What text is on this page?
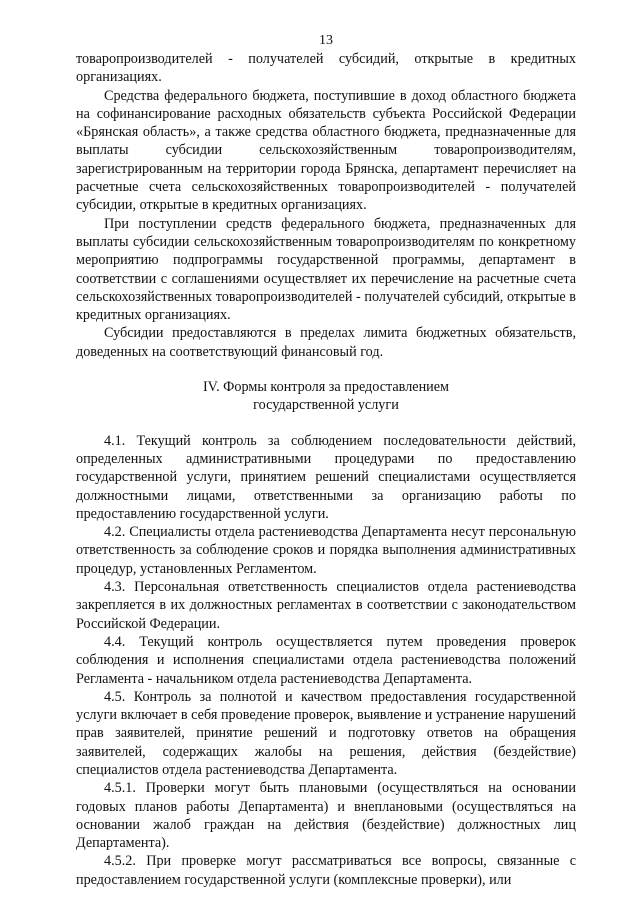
13

товаропроизводителей - получателей субсидий, открытые в кредитных организациях.

Средства федерального бюджета, поступившие в доход областного бюджета на софинансирование расходных обязательств субъекта Российской Федерации «Брянская область», а также средства областного бюджета, предназначенные для выплаты субсидии сельскохозяйственным товаропроизводителям, зарегистрированным на территории города Брянска, департамент перечисляет на расчетные счета сельскохозяйственных товаропроизводителей - получателей субсидии, открытые в кредитных организациях.

При поступлении средств федерального бюджета, предназначенных для выплаты субсидии сельскохозяйственным товаропроизводителям по конкретному мероприятию подпрограммы государственной программы, департамент в соответствии с соглашениями осуществляет их перечисление на расчетные счета сельскохозяйственных товаропроизводителей - получателей субсидий, открытые в кредитных организациях.

Субсидии предоставляются в пределах лимита бюджетных обязательств, доведенных на соответствующий финансовый год.

IV. Формы контроля за предоставлением
государственной услуги

4.1. Текущий контроль за соблюдением последовательности действий, определенных административными процедурами по предоставлению государственной услуги, принятием решений специалистами осуществляется должностными лицами, ответственными за организацию работы по предоставлению государственной услуги.

4.2. Специалисты отдела растениеводства Департамента несут персональную ответственность за соблюдение сроков и порядка выполнения административных процедур, установленных Регламентом.

4.3. Персональная ответственность специалистов отдела растениеводства закрепляется в их должностных регламентах в соответствии с законодательством Российской Федерации.

4.4. Текущий контроль осуществляется путем проведения проверок соблюдения и исполнения специалистами отдела растениеводства положений Регламента - начальником отдела растениеводства Департамента.

4.5. Контроль за полнотой и качеством предоставления государственной услуги включает в себя проведение проверок, выявление и устранение нарушений прав заявителей, принятие решений и подготовку ответов на обращения заявителей, содержащих жалобы на решения, действия (бездействие) специалистов отдела растениеводства Департамента.

4.5.1. Проверки могут быть плановыми (осуществляться на основании годовых планов работы Департамента) и внеплановыми (осуществляться на основании жалоб граждан на действия (бездействие) должностных лиц Департамента).

4.5.2. При проверке могут рассматриваться все вопросы, связанные с предоставлением государственной услуги (комплексные проверки), или
